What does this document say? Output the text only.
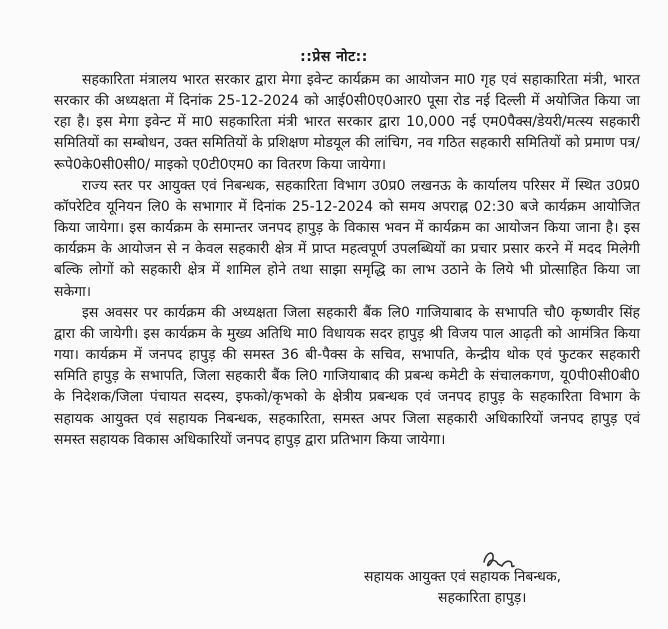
::प्रेस नोट::

सहकारिता मंत्रालय भारत सरकार द्वारा मेगा इवेन्ट कार्यक्रम का आयोजन मा0 गृह एवं सहाकारिता मंत्री, भारत सरकार की अध्यक्षता में दिनांक 25-12-2024 को आई0सी0ए0आर0 पूसा रोड नई दिल्ली में अयोजित किया जा रहा है। इस मेगा इवेन्ट में मा0 सहकारिता मंत्री भारत सरकार द्वारा 10,000 नई एम0पैक्स/डेयरी/मत्स्य सहकारी समितियों का सम्बोधन, उक्त समितियों के प्रशिक्षण मोडयूल की लांचिग, नव गठित सहकारी समितियों को प्रमाण पत्र/रूपे0के0सी0सी0/ माइको ए0टी0एम0 का वितरण किया जायेगा।

राज्य स्तर पर आयुक्त एवं निबन्धक, सहकारिता विभाग उ0प्र0 लखनऊ के कार्यालय परिसर में स्थित उ0प्र0 कॉपरेटिव यूनियन लि0 के सभागार में दिनांक 25-12-2024 को समय अपराह्न 02:30 बजे कार्यक्रम आयोजित किया जायेगा। इस कार्यक्रम के समान्तर जनपद हापुड़ के विकास भवन में कार्यक्रम का आयोजन किया जाना है। इस कार्यक्रम के आयोजन से न केवल सहकारी क्षेत्र में प्राप्त महत्वपूर्ण उपलब्धियों का प्रचार प्रसार करने में मदद मिलेगी बल्कि लोगों को सहकारी क्षेत्र में शामिल होने तथा साझा समृद्धि का लाभ उठाने के लिये भी प्रोत्साहित किया जा सकेगा।

इस अवसर पर कार्यक्रम की अध्यक्षता जिला सहकारी बैंक लि0 गाजियाबाद के सभापति चौ0 कृष्णवीर सिंह द्वारा की जायेगी। इस कार्यक्रम के मुख्य अतिथि मा0 विधायक सदर हापुड़ श्री विजय पाल आढ़ती को आमंत्रित किया गया। कार्यक्रम में जनपद हापुड़ की समस्त 36 बी-पैक्स के सचिव, सभापति, केन्द्रीय थोक एवं फुटकर सहकारी समिति हापुड़ के सभापति, जिला सहकारी बैंक लि0 गाजियाबाद की प्रबन्ध कमेटी के संचालकगण, यू0पी0सी0बी0 के निदेशक/जिला पंचायत सदस्य, इफको/कृभको के क्षेत्रीय प्रबन्धक एवं जनपद हापुड़ के सहकारिता विभाग के सहायक आयुक्त एवं सहायक निबन्धक, सहकारिता, समस्त अपर जिला सहकारी अधिकारियों जनपद हापुड़ एवं समस्त सहायक विकास अधिकारियों जनपद हापुड़ द्वारा प्रतिभाग किया जायेगा।

सहायक आयुक्त एवं सहायक निबन्धक,
सहकारिता हापुड़।
